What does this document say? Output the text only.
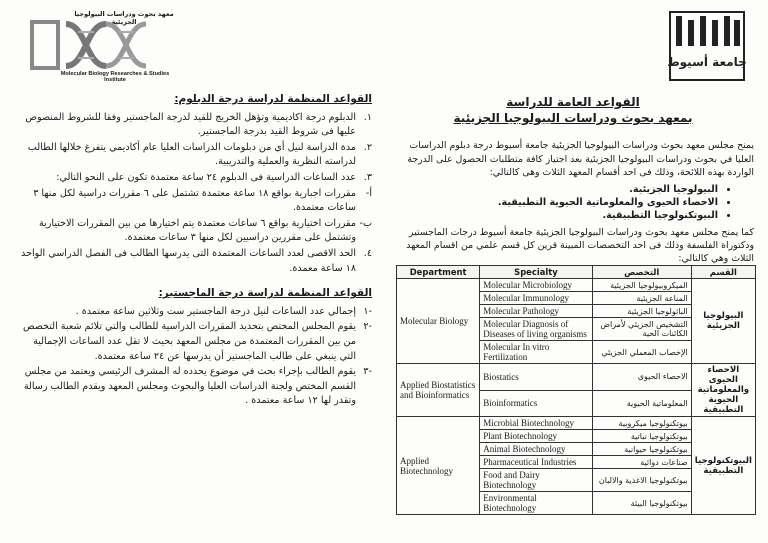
معهد بحوث ودراسات البيولوجيا الجزيئية
Molecular Biology Researches & Studies Institute
جامعة أسيوط
القواعد المنظمة لدراسة درجة الدبلوم:
١.
الدبلوم درجة اكاديمية وتؤهل الخريج للقيد لدرجة الماجستير وفقا للشروط المنصوص عليها فى شروط القيد بدرجة الماجستير.
٢.
مدة الدراسة لنيل أي من دبلومات الدراسات العليا عام أكاديمي يتفرغ خلالها الطالب لدراسته النظرية والعملية والتدريبية.
٣.
عدد الساعات الدراسية فى الدبلوم ٢٤ ساعة معتمدة تكون على النحو التالي:
أ-
مقررات اجبارية بواقع ١٨ ساعة معتمدة تشتمل على ٦ مقررات دراسية لكل منها ٣ ساعات معتمدة.
ب-
مقررات اختيارية بواقع ٦ ساعات معتمدة يتم اختيارها من بين المقررات الاختيارية وتشتمل على مقررين دراسيين لكل منها ٣ ساعات معتمدة.
٤.
الحد الاقصى لعدد الساعات المعتمدة التى يدرسها الطالب فى الفصل الدراسي الواحد ١٨ ساعة معمدة.
القواعد المنظمة لدراسة درجة الماجستير:
-١
إجمالي عدد الساعات لنيل درجة الماجستير ست وثلاثين ساعة معتمدة .
-٢
يقوم المجلس المختص بتحديد المقررات الدراسية للطالب والتي تلائم شعبة التخصص من بين المقررات المعتمدة من مجلس المعهد بحيث لا تقل عدد الساعات الإجمالية التي ينبغي على طالب الماجستير أن يدرسها عن ٢٤ ساعة معتمدة.
-٣
يقوم الطالب بإجراء بحث في موضوع يحدده له المشرف الرئيسي ويعتمد من مجلس القسم المختص ولجنة الدراسات العليا والبحوث ومجلس المعهد ويقدم الطالب رسالة وتقدر لها ١٢ ساعة معتمدة .

القواعد العامة للدراسة

بمعهد بحوث ودراسات البيولوجيا الجزيئية

يمنح مجلس معهد بحوث ودراسات البيولوجيا الجزيئية جامعة أسيوط درجة دبلوم الدراسات العليا في بحوث ودراسات البيولوجيا الجزيئية بعد اجتياز كافة متطلبات الحصول على الدرجة الواردة بهذه اللائحة، وذلك فى احد أقسام المعهد الثلاث وهى كالتالي:
• البيولوجيا الجزيئية.
• الاحصاء الحيوى والمعلوماتية الحيوية التطبيقية.
• البيوتكنولوجيا التطبيقية.
كما يمنح مجلس معهد بحوث ودراسات البيولوجيا الجزيئية جامعة أسيوط درجات الماجستير ودكتوراة الفلسفة وذلك فى احد التخصصات المبينة قرين كل قسم علمي من اقسام المعهد الثلاث وهي كالتالي:
Department	Specialty	التخصص	القسم
Molecular Biology	Molecular Microbiology	الميكروبيولوجيا الجزيئية	البيولوجيا الجزيئية
	Molecular Immunology	المناعة الجزيئية	
	Molecular Pathology	الباثولوجيا الجزيئية	
	Molecular Diagnosis of Diseases of living organisms	التشخيص الجزيئي لأمراض الكائنات الحية	
	Molecular In vitro Fertilization	الإخصاب المعملي الجزيئي	
Applied Biostatistics and Bioinformatics	Biostatics	الاحصاء الحيوى	الاحصاء الحيوى والمعلوماتية الحيوية التطبيقية
	Bioinformatics	المعلوماتية الحيوية	
Applied Biotechnology	Microbial Biotechnology	بيوتكنولوجيا ميكروبية	البيوتكنولوجيا التطبيقية
	Plant Biotechnology	بيوتكنولوجيا نباتية	
	Animal Biotechnology	بيوتكنولوجيا حيوانية	
	Pharmaceutical Industries	صناعات دوائية	
	Food and Dairy Biotechnology	بيوتكنولوجيا الاغذية والالبان	
	Environmental Biotechnology	بيوتكنولوجيا البيئة	
